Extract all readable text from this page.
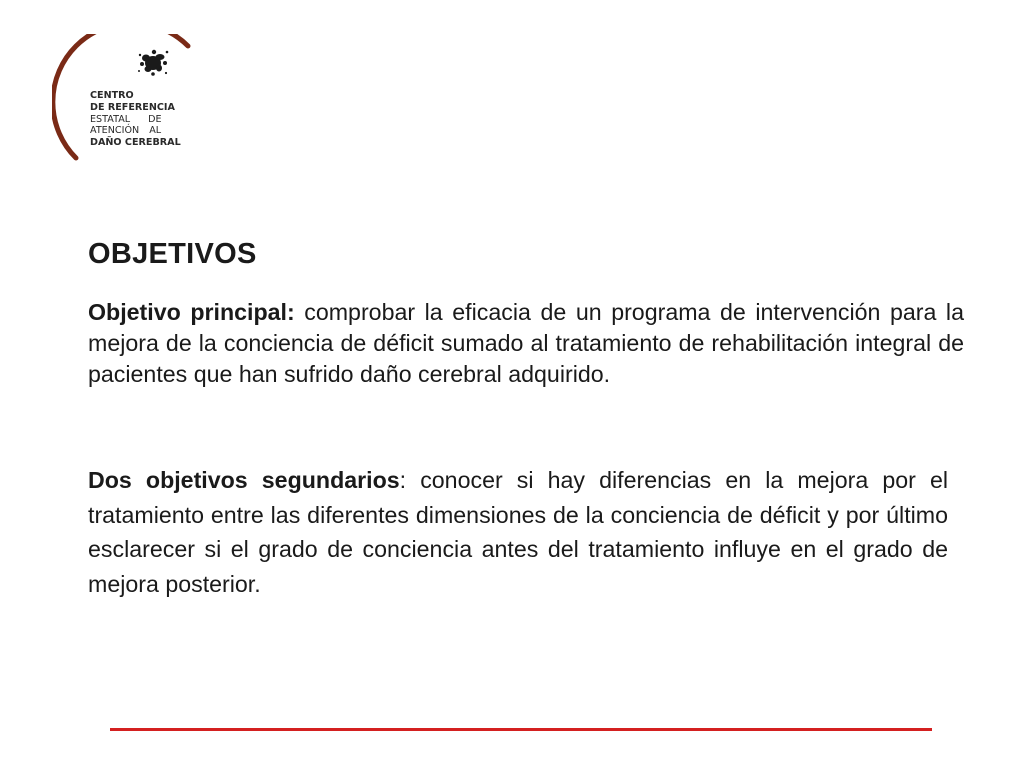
CENTRO
DE REFERENCIA
ESTATAL DE
ATENCIÓN AL
DAÑO CEREBRAL
OBJETIVOS

Objetivo principal: comprobar la eficacia de un programa de intervención para la mejora de la conciencia de déficit sumado al tratamiento de rehabilitación integral de pacientes que han sufrido daño cerebral adquirido.

Dos objetivos segundarios: conocer si hay diferencias en la mejora por el tratamiento entre las diferentes dimensiones de la conciencia de déficit y por último esclarecer si el grado de conciencia antes del tratamiento influye en el grado de mejora posterior.
